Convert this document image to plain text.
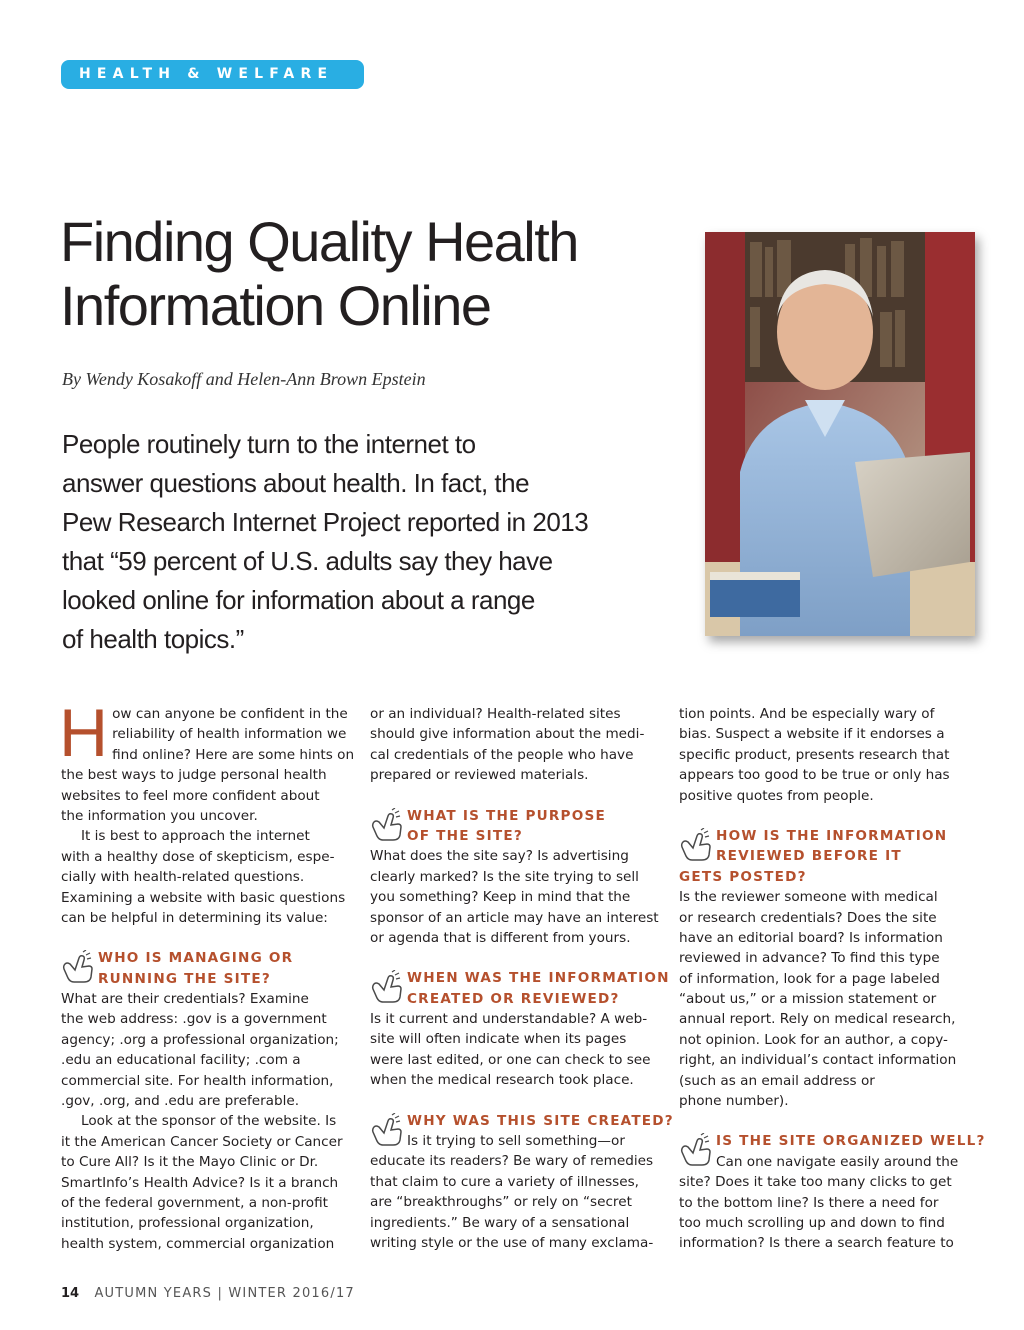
HEALTH & WELFARE
Finding Quality Health
Information Online
By Wendy Kosakoff and Helen-Ann Brown Epstein
People routinely turn to the internet to
answer questions about health. In fact, the
Pew Research Internet Project reported in 2013
that “59 percent of U.S. adults say they have
looked online for information about a range
of health topics.”
H ow can anyone be confident in the
reliability of health information we
find online? Here are some hints on
the best ways to judge personal health
websites to feel more confident about
the information you uncover.
It is best to approach the internet
with a healthy dose of skepticism, espe-
cially with health-related questions.
Examining a website with basic questions
can be helpful in determining its value:
WHO IS MANAGING OR
RUNNING THE SITE?
What are their credentials? Examine
the web address: .gov is a government
agency; .org a professional organization;
.edu an educational facility; .com a
commercial site. For health information,
.gov, .org, and .edu are preferable.
Look at the sponsor of the website. Is
it the American Cancer Society or Cancer
to Cure All? Is it the Mayo Clinic or Dr.
SmartInfo’s Health Advice? Is it a branch
of the federal government, a non-profit
institution, professional organization,
health system, commercial organization
or an individual? Health-related sites
should give information about the medi-
cal credentials of the people who have
prepared or reviewed materials.
WHAT IS THE PURPOSE
OF THE SITE?
What does the site say? Is advertising
clearly marked? Is the site trying to sell
you something? Keep in mind that the
sponsor of an article may have an interest
or agenda that is different from yours.
WHEN WAS THE INFORMATION
CREATED OR REVIEWED?
Is it current and understandable? A web-
site will often indicate when its pages
were last edited, or one can check to see
when the medical research took place.
WHY WAS THIS SITE CREATED?
Is it trying to sell something—or
educate its readers? Be wary of remedies
that claim to cure a variety of illnesses,
are “breakthroughs” or rely on “secret
ingredients.” Be wary of a sensational
writing style or the use of many exclama-
tion points. And be especially wary of
bias. Suspect a website if it endorses a
specific product, presents research that
appears too good to be true or only has
positive quotes from people.
HOW IS THE INFORMATION
REVIEWED BEFORE IT
GETS POSTED?
Is the reviewer someone with medical
or research credentials? Does the site
have an editorial board? Is information
reviewed in advance? To find this type
of information, look for a page labeled
“about us,” or a mission statement or
annual report. Rely on medical research,
not opinion. Look for an author, a copy-
right, an individual’s contact information
(such as an email address or
phone number).
IS THE SITE ORGANIZED WELL?
Can one navigate easily around the
site? Does it take too many clicks to get
to the bottom line? Is there a need for
too much scrolling up and down to find
information? Is there a search feature to
14 AUTUMN YEARS | WINTER 2016/17
